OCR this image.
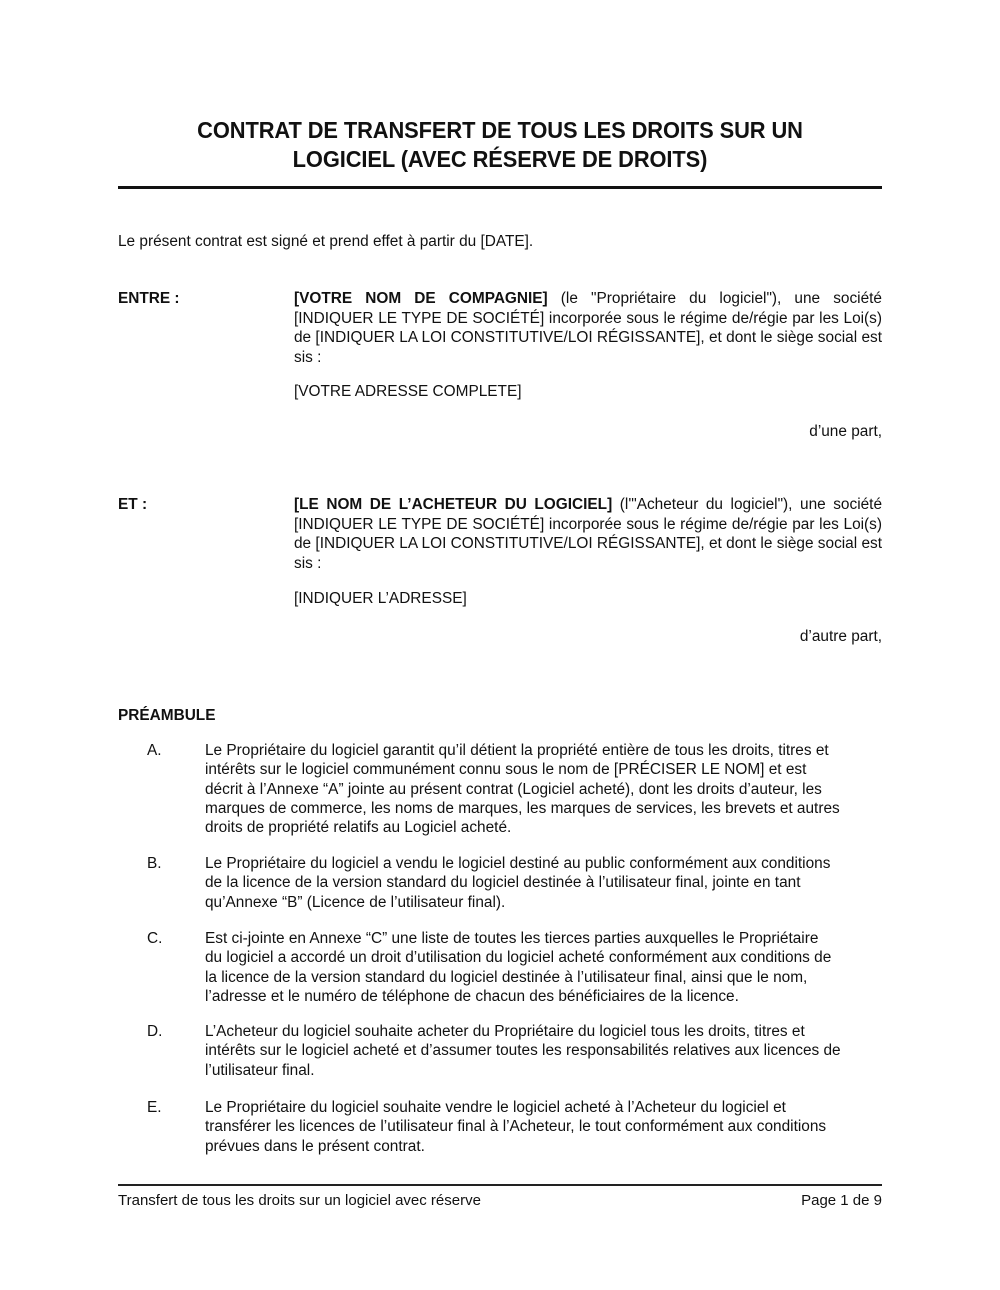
CONTRAT DE TRANSFERT DE TOUS LES DROITS SUR UN
LOGICIEL (AVEC RÉSERVE DE DROITS)
Le présent contrat est signé et prend effet à partir du [DATE].
ENTRE :	[VOTRE NOM DE COMPAGNIE] (le "Propriétaire du logiciel"), une société [INDIQUER LE TYPE DE SOCIÉTÉ] incorporée sous le régime de/régie par les Loi(s) de [INDIQUER LA LOI CONSTITUTIVE/LOI RÉGISSANTE], et dont le siège social est sis :
[VOTRE ADRESSE COMPLETE]
d’une part,
ET :	[LE NOM DE L’ACHETEUR DU LOGICIEL] (l'"Acheteur du logiciel"), une société [INDIQUER LE TYPE DE SOCIÉTÉ] incorporée sous le régime de/régie par les Loi(s) de [INDIQUER LA LOI CONSTITUTIVE/LOI RÉGISSANTE], et dont le siège social est sis :
[INDIQUER L’ADRESSE]
d’autre part,
PRÉAMBULE
A.	Le Propriétaire du logiciel garantit qu’il détient la propriété entière de tous les droits, titres et
intérêts sur le logiciel communément connu sous le nom de [PRÉCISER LE NOM] et est
décrit à l’Annexe “A” jointe au présent contrat (Logiciel acheté), dont les droits d’auteur, les
marques de commerce, les noms de marques, les marques de services, les brevets et autres
droits de propriété relatifs au Logiciel acheté.
B.	Le Propriétaire du logiciel a vendu le logiciel destiné au public conformément aux conditions
de la licence de la version standard du logiciel destinée à l’utilisateur final, jointe en tant
qu’Annexe “B” (Licence de l’utilisateur final).
C.	Est ci-jointe en Annexe “C” une liste de toutes les tierces parties auxquelles le Propriétaire
du logiciel a accordé un droit d’utilisation du logiciel acheté conformément aux conditions de
la licence de la version standard du logiciel destinée à l’utilisateur final, ainsi que le nom,
l’adresse et le numéro de téléphone de chacun des bénéficiaires de la licence.
D.	L’Acheteur du logiciel souhaite acheter du Propriétaire du logiciel tous les droits, titres et
intérêts sur le logiciel acheté et d’assumer toutes les responsabilités relatives aux licences de
l’utilisateur final.
E.	Le Propriétaire du logiciel souhaite vendre le logiciel acheté à l’Acheteur du logiciel et
transférer les licences de l’utilisateur final à l’Acheteur, le tout conformément aux conditions
prévues dans le présent contrat.
Transfert de tous les droits sur un logiciel avec réserve	Page 1 de 9
